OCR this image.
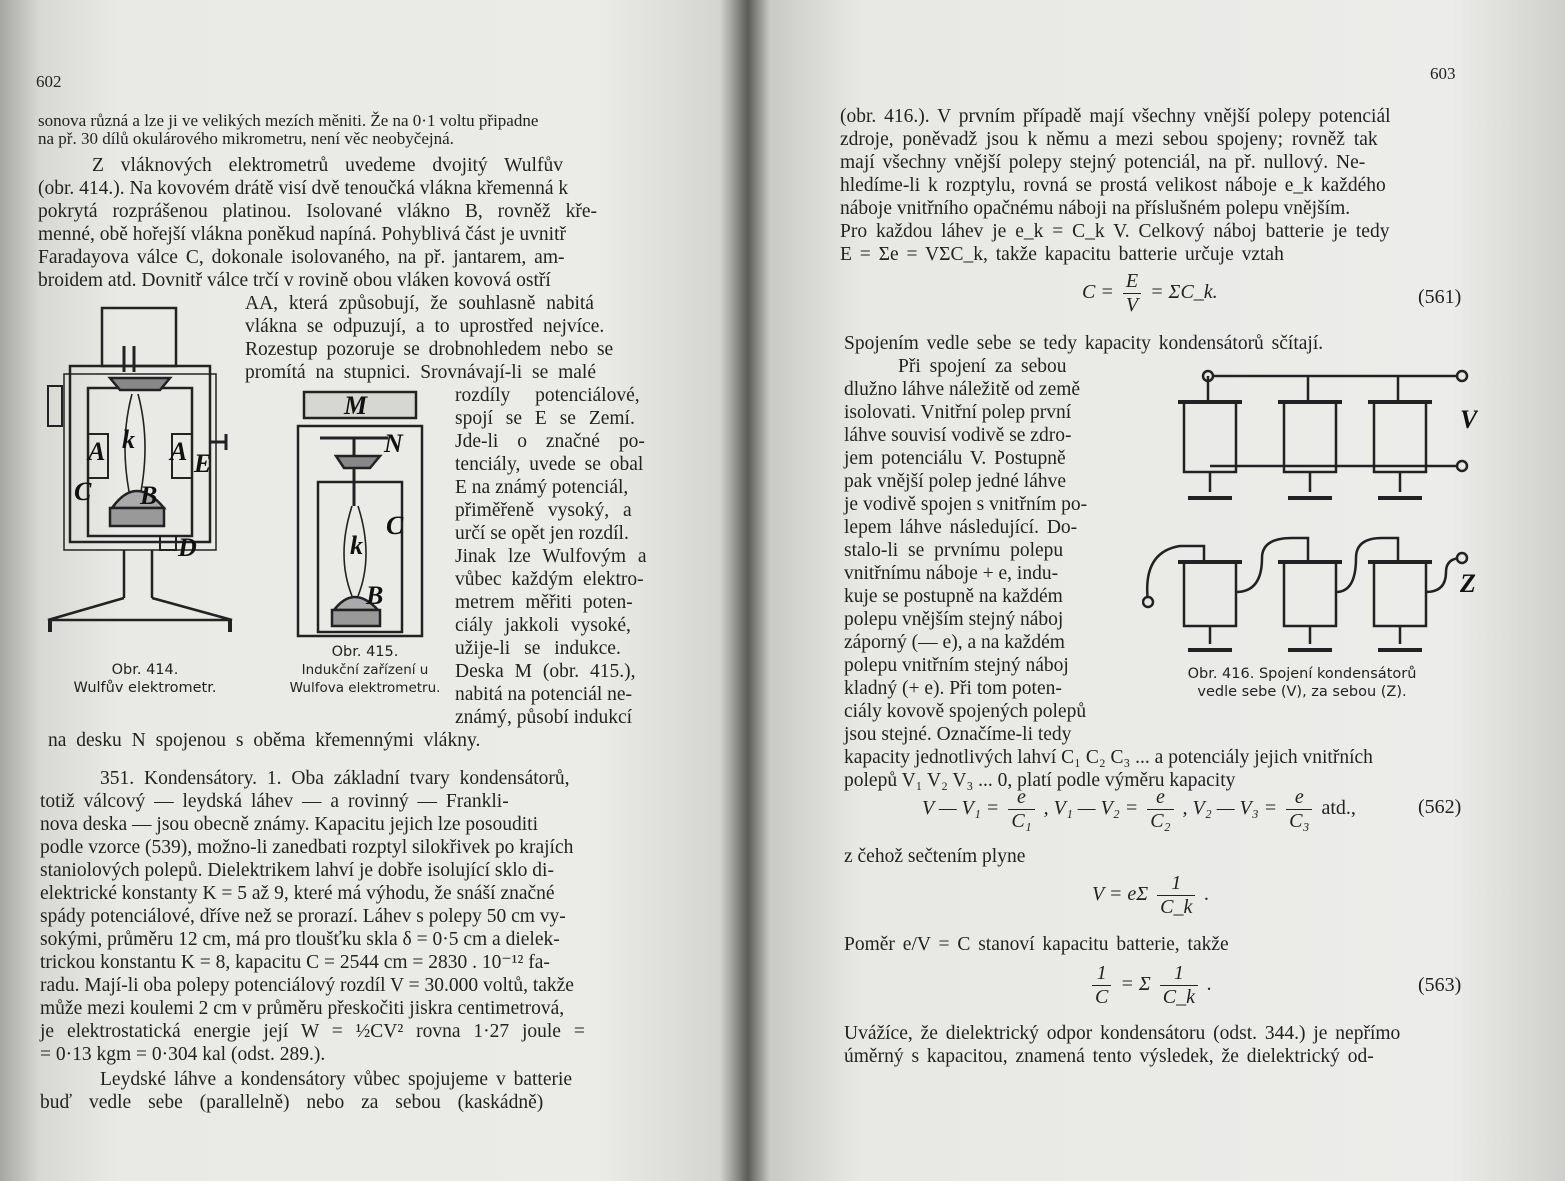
602
sonova různá a lze ji ve velikých mezích měniti. Že na 0·1 voltu připadne
na př. 30 dílů okulárového mikrometru, není věc neobyčejná.
Z vláknových elektrometrů uvedeme dvojitý Wulfův
(obr. 414.). Na kovovém drátě visí dvě tenoučká vlákna křemenná k
pokrytá rozprášenou platinou. Isolované vlákno B, rovněž kře-
menné, obě hořejší vlákna poněkud napíná. Pohyblivá část je uvnitř
Faradayova válce C, dokonale isolovaného, na př. jantarem, am-
broidem atd. Dovnitř válce trčí v rovině obou vláken kovová ostří
AA, která způsobují, že souhlasně nabitá
vlákna se odpuzují, a to uprostřed nejvíce.
Rozestup pozoruje se drobnohledem nebo se
promítá na stupnici. Srovnávají-li se malé
rozdíly potenciálové,
spojí se E se Zemí.
Jde-li o značné po-
tenciály, uvede se obal
E na známý potenciál,
přiměřeně vysoký, a
určí se opět jen rozdíl.
Jinak lze Wulfovým a
vůbec každým elektro-
metrem měřiti poten-
ciály jakkoli vysoké,
užije-li se indukce.
Deska M (obr. 415.),
nabitá na potenciál ne-
známý, působí indukcí
na desku N spojenou s oběma křemennými vlákny.
351. Kondensátory. 1. Oba základní tvary kondensátorů,
totiž válcový — leydská láhev — a rovinný — Frankli-
nova deska — jsou obecně známy. Kapacitu jejich lze posouditi
podle vzorce (539), možno-li zanedbati rozptyl silokřivek po krajích
staniolových polepů. Dielektrikem lahví je dobře isolující sklo di-
elektrické konstanty K = 5 až 9, které má výhodu, že snáší značné
spády potenciálové, dříve než se prorazí. Láhev s polepy 50 cm vy-
sokými, průměru 12 cm, má pro tloušťku skla δ = 0·5 cm a dielek-
trickou konstantu K = 8, kapacitu C = 2544 cm = 2830 . 10⁻¹² fa-
radu. Mají-li oba polepy potenciálový rozdíl V = 30.000 voltů, takže
může mezi koulemi 2 cm v průměru přeskočiti jiskra centimetrová,
je elektrostatická energie její W = ½CV² rovna 1·27 joule =
= 0·13 kgm = 0·304 kal (odst. 289.).
Leydské láhve a kondensátory vůbec spojujeme v batterie
buď vedle sebe (parallelně) nebo za sebou (kaskádně)
A k A E
C B
D
Obr. 414.
Wulfův elektrometr.
M
N
C
k
B
Obr. 415.
Indukční zařízení u
Wulfova elektrometru.
603
(obr. 416.). V prvním případě mají všechny vnější polepy potenciál
zdroje, poněvadž jsou k němu a mezi sebou spojeny; rovněž tak
mají všechny vnější polepy stejný potenciál, na př. nullový. Ne-
hledíme-li k rozptylu, rovná se prostá velikost náboje e_k každého
náboje vnitřního opačnému náboji na příslušném polepu vnějším.
Pro každou láhev je e_k = C_k V. Celkový náboj batterie je tedy
E = Σe = VΣC_k, takže kapacitu batterie určuje vztah
$C = \frac{E}{V}$ = ΣC_k.	(561)
Spojením vedle sebe se tedy kapacity kondensátorů sčítají.
Při spojení za sebou
dlužno láhve náležitě od země
isolovati. Vnitřní polep první
láhve souvisí vodivě se zdro-
jem potenciálu V. Postupně
pak vnější polep jedné láhve
je vodivě spojen s vnitřním po-
lepem láhve následující. Do-
stalo-li se prvnímu polepu
vnitřnímu náboje + e, indu-
kuje se postupně na každém
polepu vnějším stejný náboj
záporný (— e), a na každém
polepu vnitřním stejný náboj
kladný (+ e). Při tom poten-
ciály kovově spojených polepů
jsou stejné. Označíme-li tedy
kapacity jednotlivých lahví C₁ C₂ C₃ ... a potenciály jejich vnitřních
polepů V₁ V₂ V₃ ... 0, platí podle výměru kapacity
V
Z
Obr. 416. Spojení kondensátorů
vedle sebe (V), za sebou (Z).
V — $V_1 = \frac{e}{\text{C₁}}$ , V₁ — $V_2 = \frac{e}{\text{C₂}}$ , V₂ — $V_3 = \frac{e}{\text{C₃}}$ atd.,	(562)
z čehož sečtením plyne
V = eΣ $\frac{1}{C\_k}$ .
Poměr e/V = C stanoví kapacitu batterie, takže
$\frac{1}{C} = \Sigma \frac{1}{C\_k}$ .	(563)
Uvážíce, že dielektrický odpor kondensátoru (odst. 344.) je nepřímo
úměrný s kapacitou, znamená tento výsledek, že dielektrický od-
